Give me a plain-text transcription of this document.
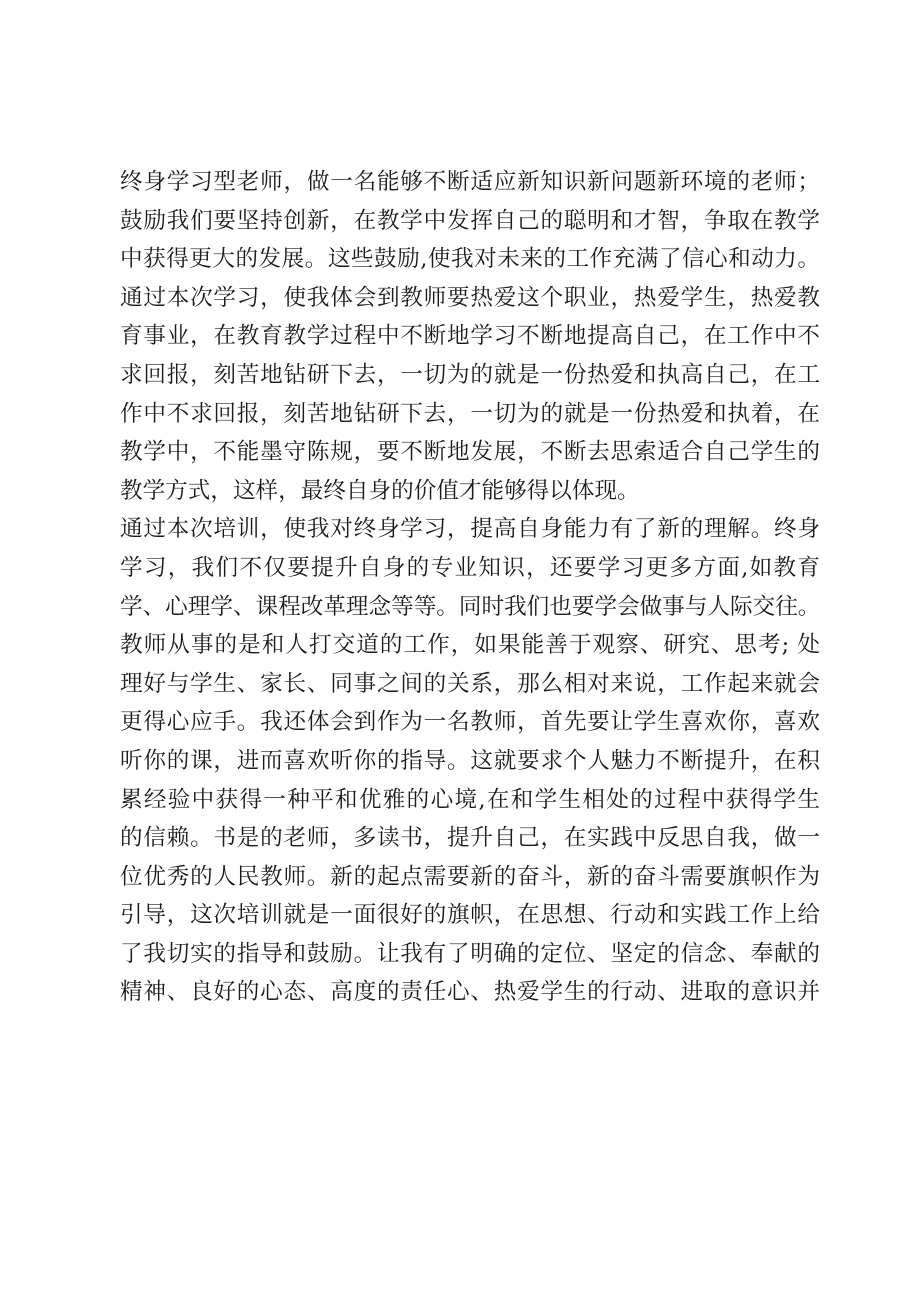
终身学习型老师，做一名能够不断适应新知识新问题新环境的老师；
鼓励我们要坚持创新，在教学中发挥自己的聪明和才智，争取在教学
中获得更大的发展。这些鼓励,使我对未来的工作充满了信心和动力。
通过本次学习，使我体会到教师要热爱这个职业，热爱学生，热爱教
育事业，在教育教学过程中不断地学习不断地提高自己，在工作中不
求回报，刻苦地钻研下去，一切为的就是一份热爱和执高自己，在工
作中不求回报，刻苦地钻研下去，一切为的就是一份热爱和执着，在
教学中，不能墨守陈规，要不断地发展，不断去思索适合自己学生的
教学方式，这样，最终自身的价值才能够得以体现。
通过本次培训，使我对终身学习，提高自身能力有了新的理解。终身
学习，我们不仅要提升自身的专业知识，还要学习更多方面,如教育
学、心理学、课程改革理念等等。同时我们也要学会做事与人际交往。
教师从事的是和人打交道的工作，如果能善于观察、研究、思考; 处
理好与学生、家长、同事之间的关系，那么相对来说，工作起来就会
更得心应手。我还体会到作为一名教师，首先要让学生喜欢你，喜欢
听你的课，进而喜欢听你的指导。这就要求个人魅力不断提升，在积
累经验中获得一种平和优雅的心境,在和学生相处的过程中获得学生
的信赖。书是的老师，多读书，提升自己，在实践中反思自我，做一
位优秀的人民教师。新的起点需要新的奋斗，新的奋斗需要旗帜作为
引导，这次培训就是一面很好的旗帜，在思想、行动和实践工作上给
了我切实的指导和鼓励。让我有了明确的定位、坚定的信念、奉献的
精神、良好的心态、高度的责任心、热爱学生的行动、进取的意识并
